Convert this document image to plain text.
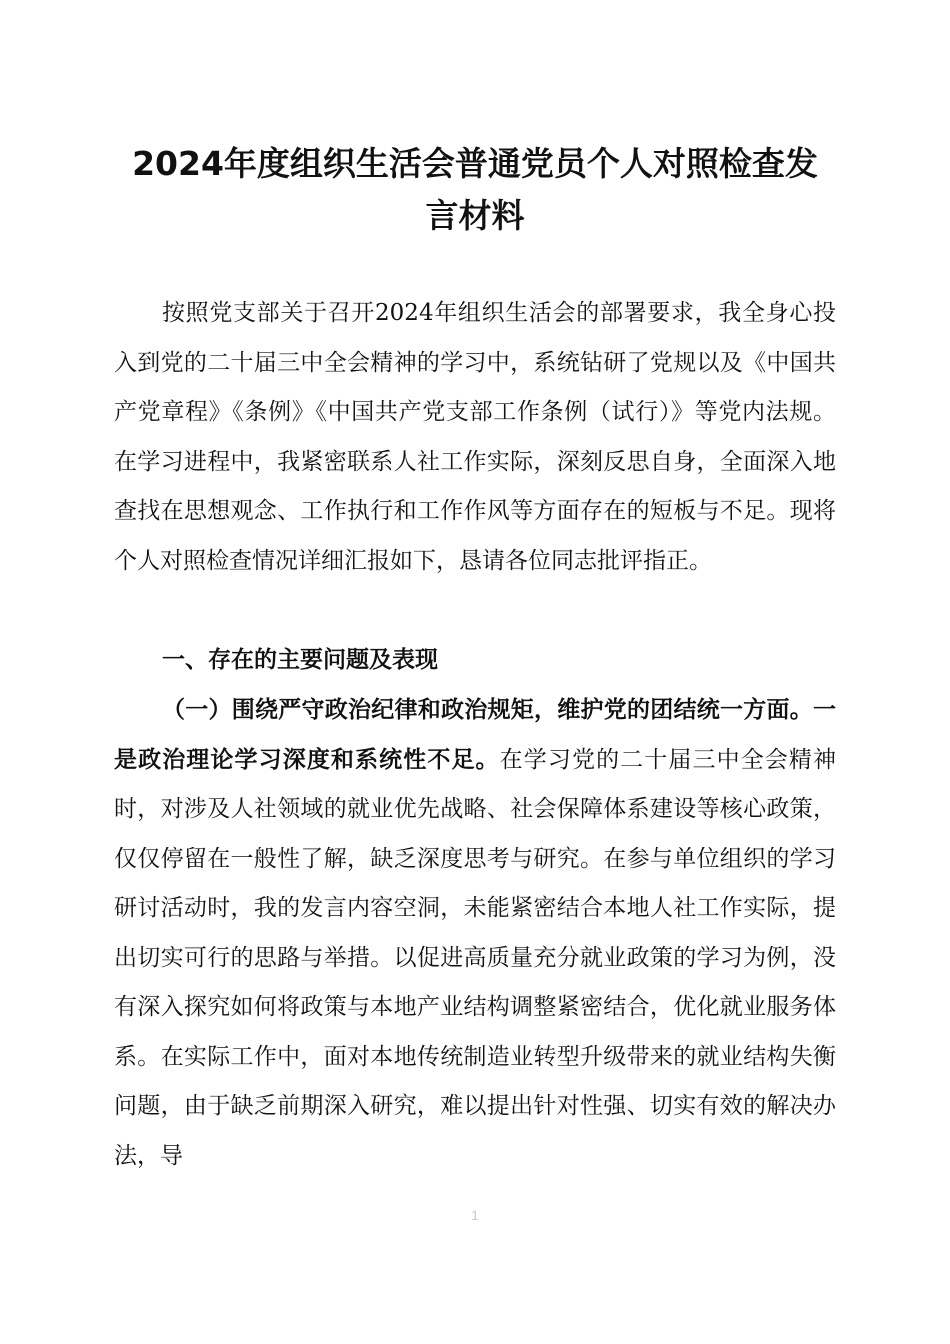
2024年度组织生活会普通党员个人对照检查发
言材料

按照党支部关于召开2024年组织生活会的部署要求，我全身心投入到党的二十届三中全会精神的学习中，系统钻研了党规以及《中国共产党章程》《条例》《中国共产党支部工作条例（试行）》等党内法规。在学习进程中，我紧密联系人社工作实际，深刻反思自身，全面深入地查找在思想观念、工作执行和工作作风等方面存在的短板与不足。现将个人对照检查情况详细汇报如下，恳请各位同志批评指正。

一、存在的主要问题及表现

（一）围绕严守政治纪律和政治规矩，维护党的团结统一方面。一是政治理论学习深度和系统性不足。在学习党的二十届三中全会精神时，对涉及人社领域的就业优先战略、社会保障体系建设等核心政策，仅仅停留在一般性了解，缺乏深度思考与研究。在参与单位组织的学习研讨活动时，我的发言内容空洞，未能紧密结合本地人社工作实际，提出切实可行的思路与举措。以促进高质量充分就业政策的学习为例，没有深入探究如何将政策与本地产业结构调整紧密结合，优化就业服务体系。在实际工作中，面对本地传统制造业转型升级带来的就业结构失衡问题，由于缺乏前期深入研究，难以提出针对性强、切实有效的解决办法，导

1
